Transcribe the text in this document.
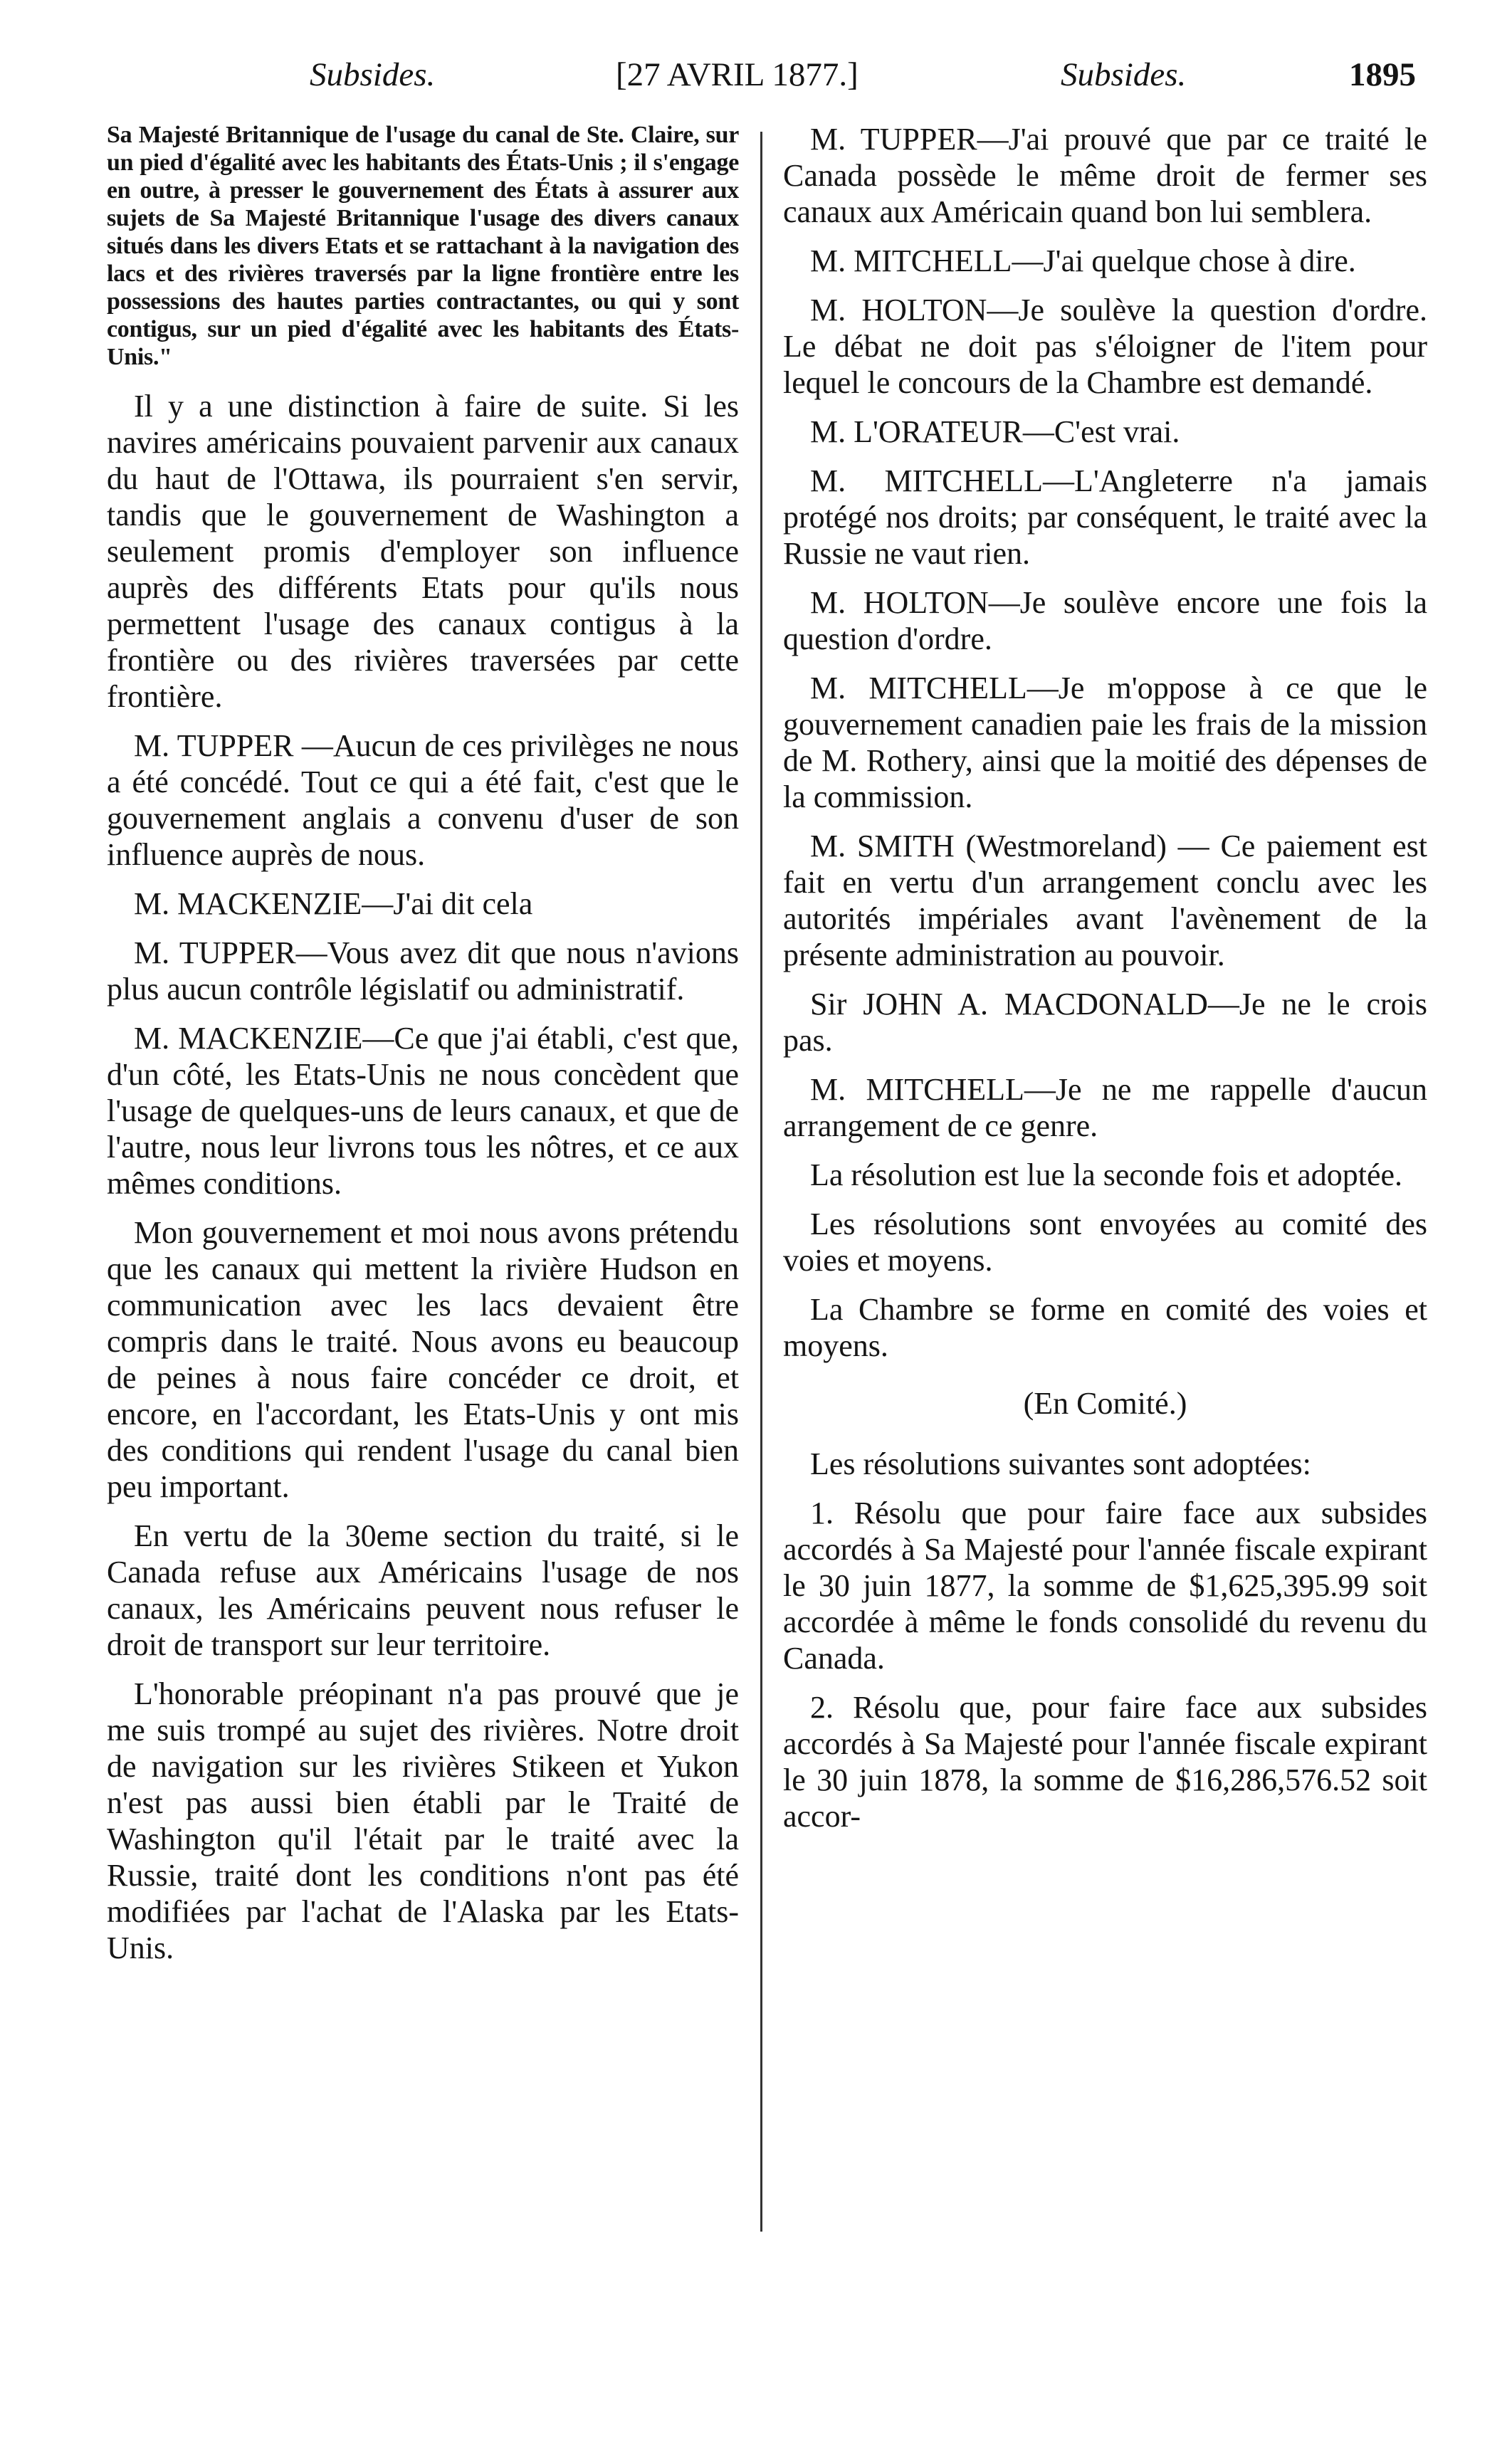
Subsides.	[27 AVRIL 1877.]	Subsides.	1895

Sa Majesté Britannique de l'usage du canal de Ste. Claire, sur un pied d'égalité avec les habitants des États-Unis ; il s'engage en outre, à presser le gouvernement des États à assurer aux sujets de Sa Majesté Britannique l'usage des divers canaux situés dans les divers Etats et se rattachant à la navigation des lacs et des rivières traversés par la ligne frontière entre les possessions des hautes parties contractantes, ou qui y sont contigus, sur un pied d'égalité avec les habitants des États-Unis."

Il y a une distinction à faire de suite. Si les navires américains pouvaient parvenir aux canaux du haut de l'Ottawa, ils pourraient s'en servir, tandis que le gouvernement de Washington a seulement promis d'employer son influence auprès des différents Etats pour qu'ils nous permettent l'usage des canaux contigus à la frontière ou des rivières traversées par cette frontière.

M. TUPPER —Aucun de ces privilèges ne nous a été concédé. Tout ce qui a été fait, c'est que le gouvernement anglais a convenu d'user de son influence auprès de nous.

M. MACKENZIE—J'ai dit cela

M. TUPPER—Vous avez dit que nous n'avions plus aucun contrôle législatif ou administratif.

M. MACKENZIE—Ce que j'ai établi, c'est que, d'un côté, les Etats-Unis ne nous concèdent que l'usage de quelques-uns de leurs canaux, et que de l'autre, nous leur livrons tous les nôtres, et ce aux mêmes conditions.

Mon gouvernement et moi nous avons prétendu que les canaux qui mettent la rivière Hudson en communication avec les lacs devaient être compris dans le traité. Nous avons eu beaucoup de peines à nous faire concéder ce droit, et encore, en l'accordant, les Etats-Unis y ont mis des conditions qui rendent l'usage du canal bien peu important.

En vertu de la 30eme section du traité, si le Canada refuse aux Américains l'usage de nos canaux, les Américains peuvent nous refuser le droit de transport sur leur territoire.

L'honorable préopinant n'a pas prouvé que je me suis trompé au sujet des rivières. Notre droit de navigation sur les rivières Stikeen et Yukon n'est pas aussi bien établi par le Traité de Washington qu'il l'était par le traité avec la Russie, traité dont les conditions n'ont pas été modifiées par l'achat de l'Alaska par les Etats-Unis.

M. TUPPER—J'ai prouvé que par ce traité le Canada possède le même droit de fermer ses canaux aux Américain quand bon lui semblera.

M. MITCHELL—J'ai quelque chose à dire.

M. HOLTON—Je soulève la question d'ordre. Le débat ne doit pas s'éloigner de l'item pour lequel le concours de la Chambre est demandé.

M. L'ORATEUR—C'est vrai.

M. MITCHELL—L'Angleterre n'a jamais protégé nos droits; par conséquent, le traité avec la Russie ne vaut rien.

M. HOLTON—Je soulève encore une fois la question d'ordre.

M. MITCHELL—Je m'oppose à ce que le gouvernement canadien paie les frais de la mission de M. Rothery, ainsi que la moitié des dépenses de la commission.

M. SMITH (Westmoreland) — Ce paiement est fait en vertu d'un arrangement conclu avec les autorités impériales avant l'avènement de la présente administration au pouvoir.

Sir JOHN A. MACDONALD—Je ne le crois pas.

M. MITCHELL—Je ne me rappelle d'aucun arrangement de ce genre.

La résolution est lue la seconde fois et adoptée.

Les résolutions sont envoyées au comité des voies et moyens.

La Chambre se forme en comité des voies et moyens.

(En Comité.)

Les résolutions suivantes sont adoptées:

1. Résolu que pour faire face aux subsides accordés à Sa Majesté pour l'année fiscale expirant le 30 juin 1877, la somme de $1,625,395.99 soit accordée à même le fonds consolidé du revenu du Canada.

2. Résolu que, pour faire face aux subsides accordés à Sa Majesté pour l'année fiscale expirant le 30 juin 1878, la somme de $16,286,576.52 soit accor-
